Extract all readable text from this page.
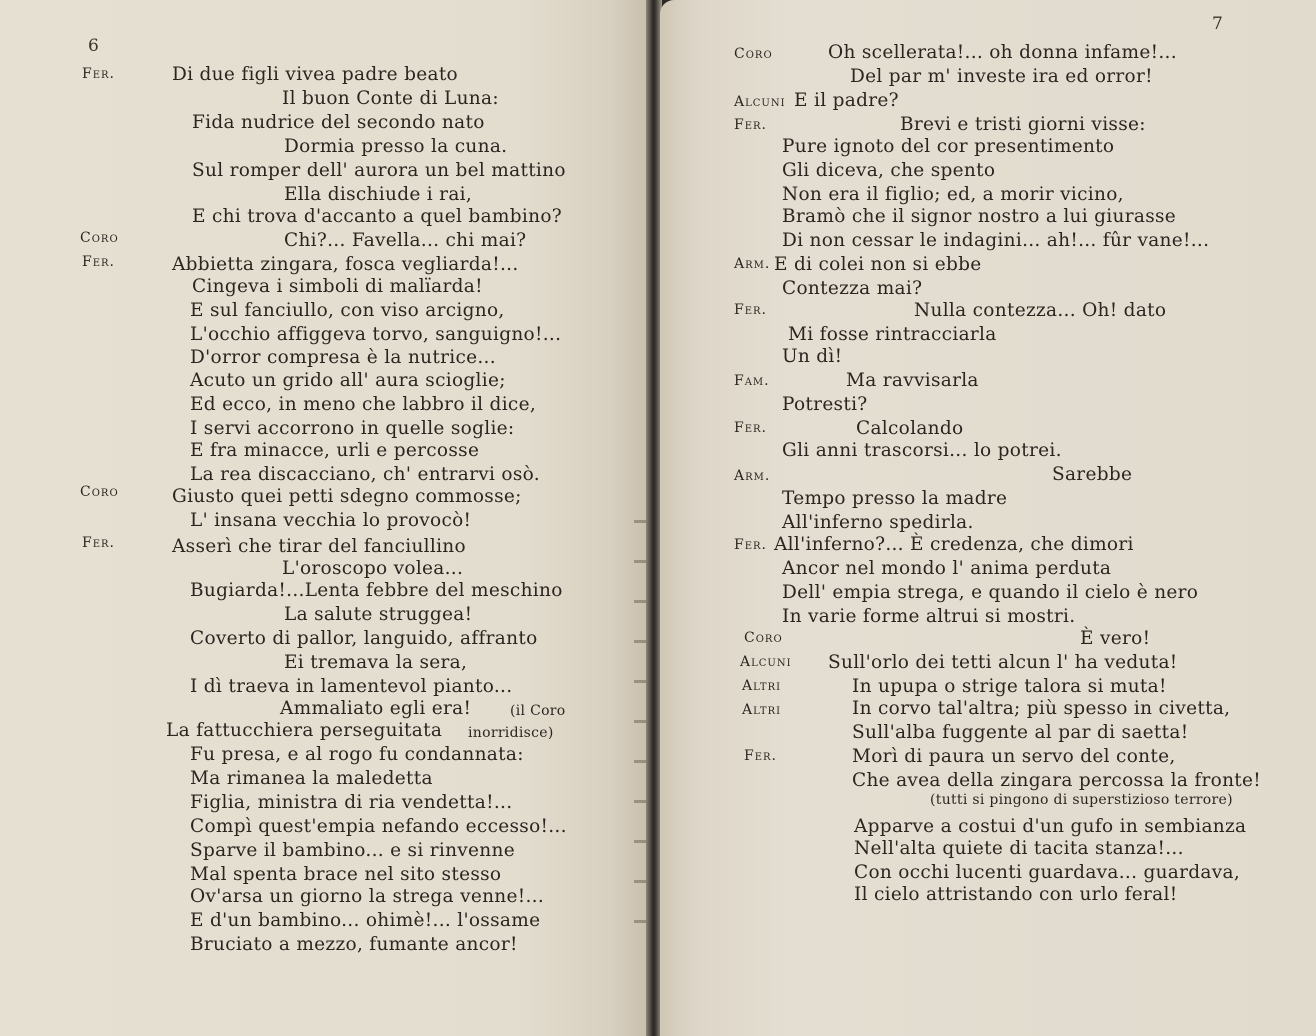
6
Fer.
Coro
Fer.
Coro
Fer.
Di due figli vivea padre beato
Il buon Conte di Luna:
Fida nudrice del secondo nato
Dormia presso la cuna.
Sul romper dell' aurora un bel mattino
Ella dischiude i rai,
E chi trova d'accanto a quel bambino?
Chi?... Favella... chi mai?
Abbietta zingara, fosca vegliarda!...
Cingeva i simboli di malïarda!
E sul fanciullo, con viso arcigno,
L'occhio affiggeva torvo, sanguigno!...
D'orror compresa è la nutrice...
Acuto un grido all' aura scioglie;
Ed ecco, in meno che labbro il dice,
I servi accorrono in quelle soglie:
E fra minacce, urli e percosse
La rea discacciano, ch' entrarvi osò.
Giusto quei petti sdegno commosse;
L' insana vecchia lo provocò!
Asserì che tirar del fanciullino
L'oroscopo volea...
Bugiarda!...Lenta febbre del meschino
La salute struggea!
Coverto di pallor, languido, affranto
Ei tremava la sera,
I dì traeva in lamentevol pianto...
Ammaliato egli era!	(il Coro
La fattucchiera perseguitata inorridisce)
Fu presa, e al rogo fu condannata:
Ma rimanea la maledetta
Figlia, ministra di ria vendetta!...
Compì quest'empia nefando eccesso!...
Sparve il bambino... e si rinvenne
Mal spenta brace nel sito stesso
Ov'arsa un giorno la strega venne!...
E d'un bambino... ohimè!... l'ossame
Bruciato a mezzo, fumante ancor!
7
Coro
Alcuni
Fer.
Arm.
Fer.
Fam.
Fer.
Arm.
Fer.
Coro
Alcuni
Altri
Altri
Fer.
Oh scellerata!... oh donna infame!...
Del par m' investe ira ed orror!
E il padre?
Brevi e tristi giorni visse:
Pure ignoto del cor presentimento
Gli diceva, che spento
Non era il figlio; ed, a morir vicino,
Bramò che il signor nostro a lui giurasse
Di non cessar le indagini... ah!... fûr vane!...
E di colei non si ebbe
Contezza mai?
Nulla contezza... Oh! dato
Mi fosse rintracciarla
Un dì!
Ma ravvisarla
Potresti?
Calcolando
Gli anni trascorsi... lo potrei.
Sarebbe
Tempo presso la madre
All'inferno spedirla.
All'inferno?... È credenza, che dimori
Ancor nel mondo l' anima perduta
Dell' empia strega, e quando il cielo è nero
In varie forme altrui si mostri.
È vero!
Sull'orlo dei tetti alcun l' ha veduta!
In upupa o strige talora si muta!
In corvo tal'altra; più spesso in civetta,
Sull'alba fuggente al par di saetta!
Morì di paura un servo del conte,
Che avea della zingara percossa la fronte!
(tutti si pingono di superstizioso terrore)
Apparve a costui d'un gufo in sembianza
Nell'alta quiete di tacita stanza!...
Con occhi lucenti guardava... guardava,
Il cielo attristando con urlo feral!
